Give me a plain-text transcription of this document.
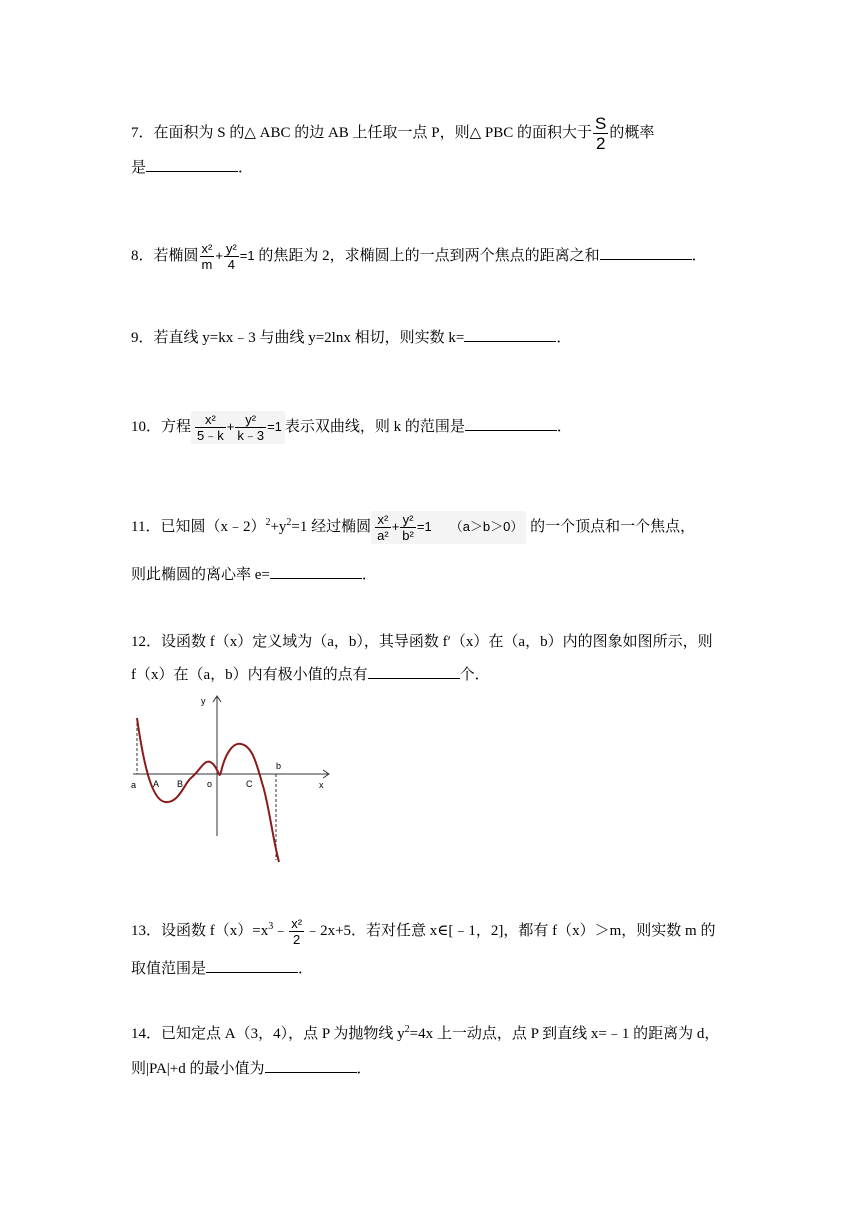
7．在面积为 S 的△ ABC 的边 AB 上任取一点 P，则△ PBC 的面积大于 $\frac{S}{2}$ 的概率
是	．
8．若椭圆 $\frac{\text{x²}}{m} + \frac{\text{y²}}{4} =1$ 的焦距为 2，求椭圆上的一点到两个焦点的距离之和	．
9．若直线 y=kx﹣3 与曲线 y=2lnx 相切，则实数 k=	．
10．方程 $\frac{\text{x²}}{5﹣k} + \frac{\text{y²}}{k﹣3} =1$ 表示双曲线，则 k 的范围是	．
11．已知圆$(x﹣2)^2+y^2=1$ 经过椭圆 $\frac{\text{x²}}{\text{a²}} + \frac{\text{y²}}{\text{b²}} =1$ （a＞b＞0） 的一个顶点和一个焦点，
则此椭圆的离心率 e=	．
12．设函数 f（x）定义域为（a，b），其导函数 f′（x）在（a，b）内的图象如图所示，则
f（x）在（a，b）内有极小值的点有	个．
y
x
a A B	o	C
b
13．设函数 $f(x)=x^3﹣ \frac{\text{x²}}{2}$ ﹣2x+5．若对任意 x∈[﹣1，2]，都有 f（x）＞m，则实数 m 的
取值范围是	．
14．已知定点 A（3，4），点 P 为抛物线 $y^2=4x$ 上一动点，点 P 到直线 x=﹣1 的距离为 d，
则|PA|+d 的最小值为	．
